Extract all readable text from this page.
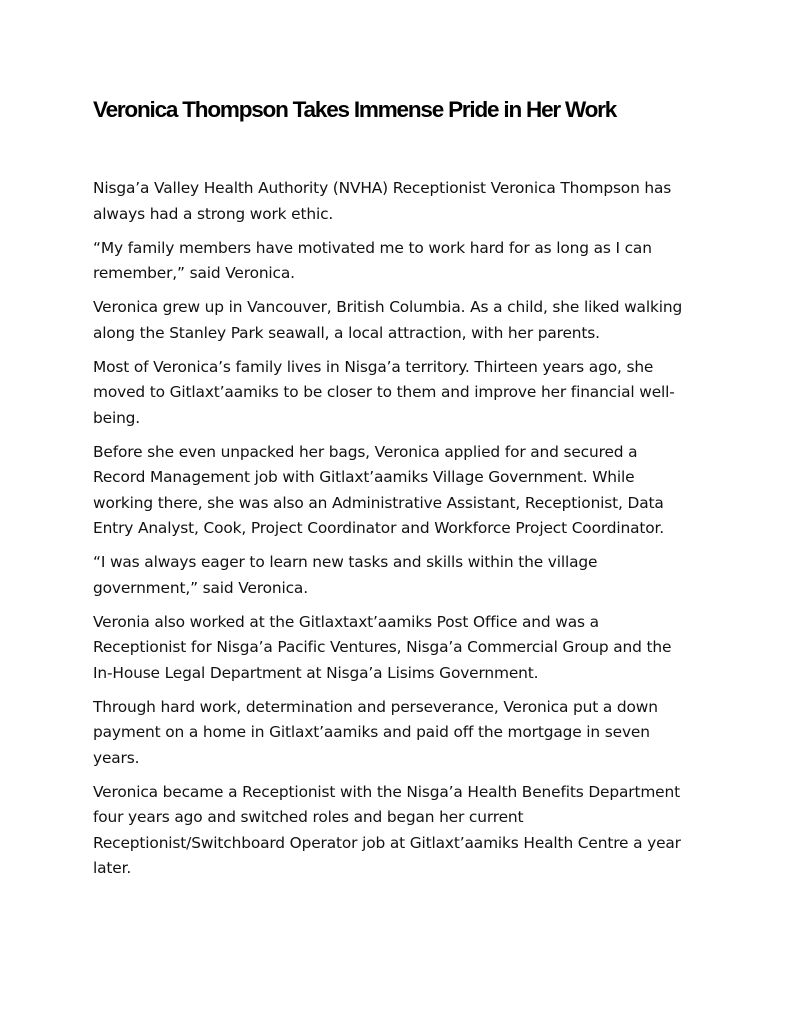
Veronica Thompson Takes Immense Pride in Her Work

Nisga’a Valley Health Authority (NVHA) Receptionist Veronica Thompson has always had a strong work ethic.

“My family members have motivated me to work hard for as long as I can remember,” said Veronica.

Veronica grew up in Vancouver, British Columbia. As a child, she liked walking along the Stanley Park seawall, a local attraction, with her parents.

Most of Veronica’s family lives in Nisga’a territory. Thirteen years ago, she moved to Gitlaxt’aamiks to be closer to them and improve her financial well-being.

Before she even unpacked her bags, Veronica applied for and secured a Record Management job with Gitlaxt’aamiks Village Government. While working there, she was also an Administrative Assistant, Receptionist, Data Entry Analyst, Cook, Project Coordinator and Workforce Project Coordinator.

“I was always eager to learn new tasks and skills within the village government,” said Veronica.

Veronia also worked at the Gitlaxtaxt’aamiks Post Office and was a Receptionist for Nisga’a Pacific Ventures, Nisga’a Commercial Group and the In-House Legal Department at Nisga’a Lisims Government.

Through hard work, determination and perseverance, Veronica put a down payment on a home in Gitlaxt’aamiks and paid off the mortgage in seven years.

Veronica became a Receptionist with the Nisga’a Health Benefits Department four years ago and switched roles and began her current Receptionist/Switchboard Operator job at Gitlaxt’aamiks Health Centre a year later.
